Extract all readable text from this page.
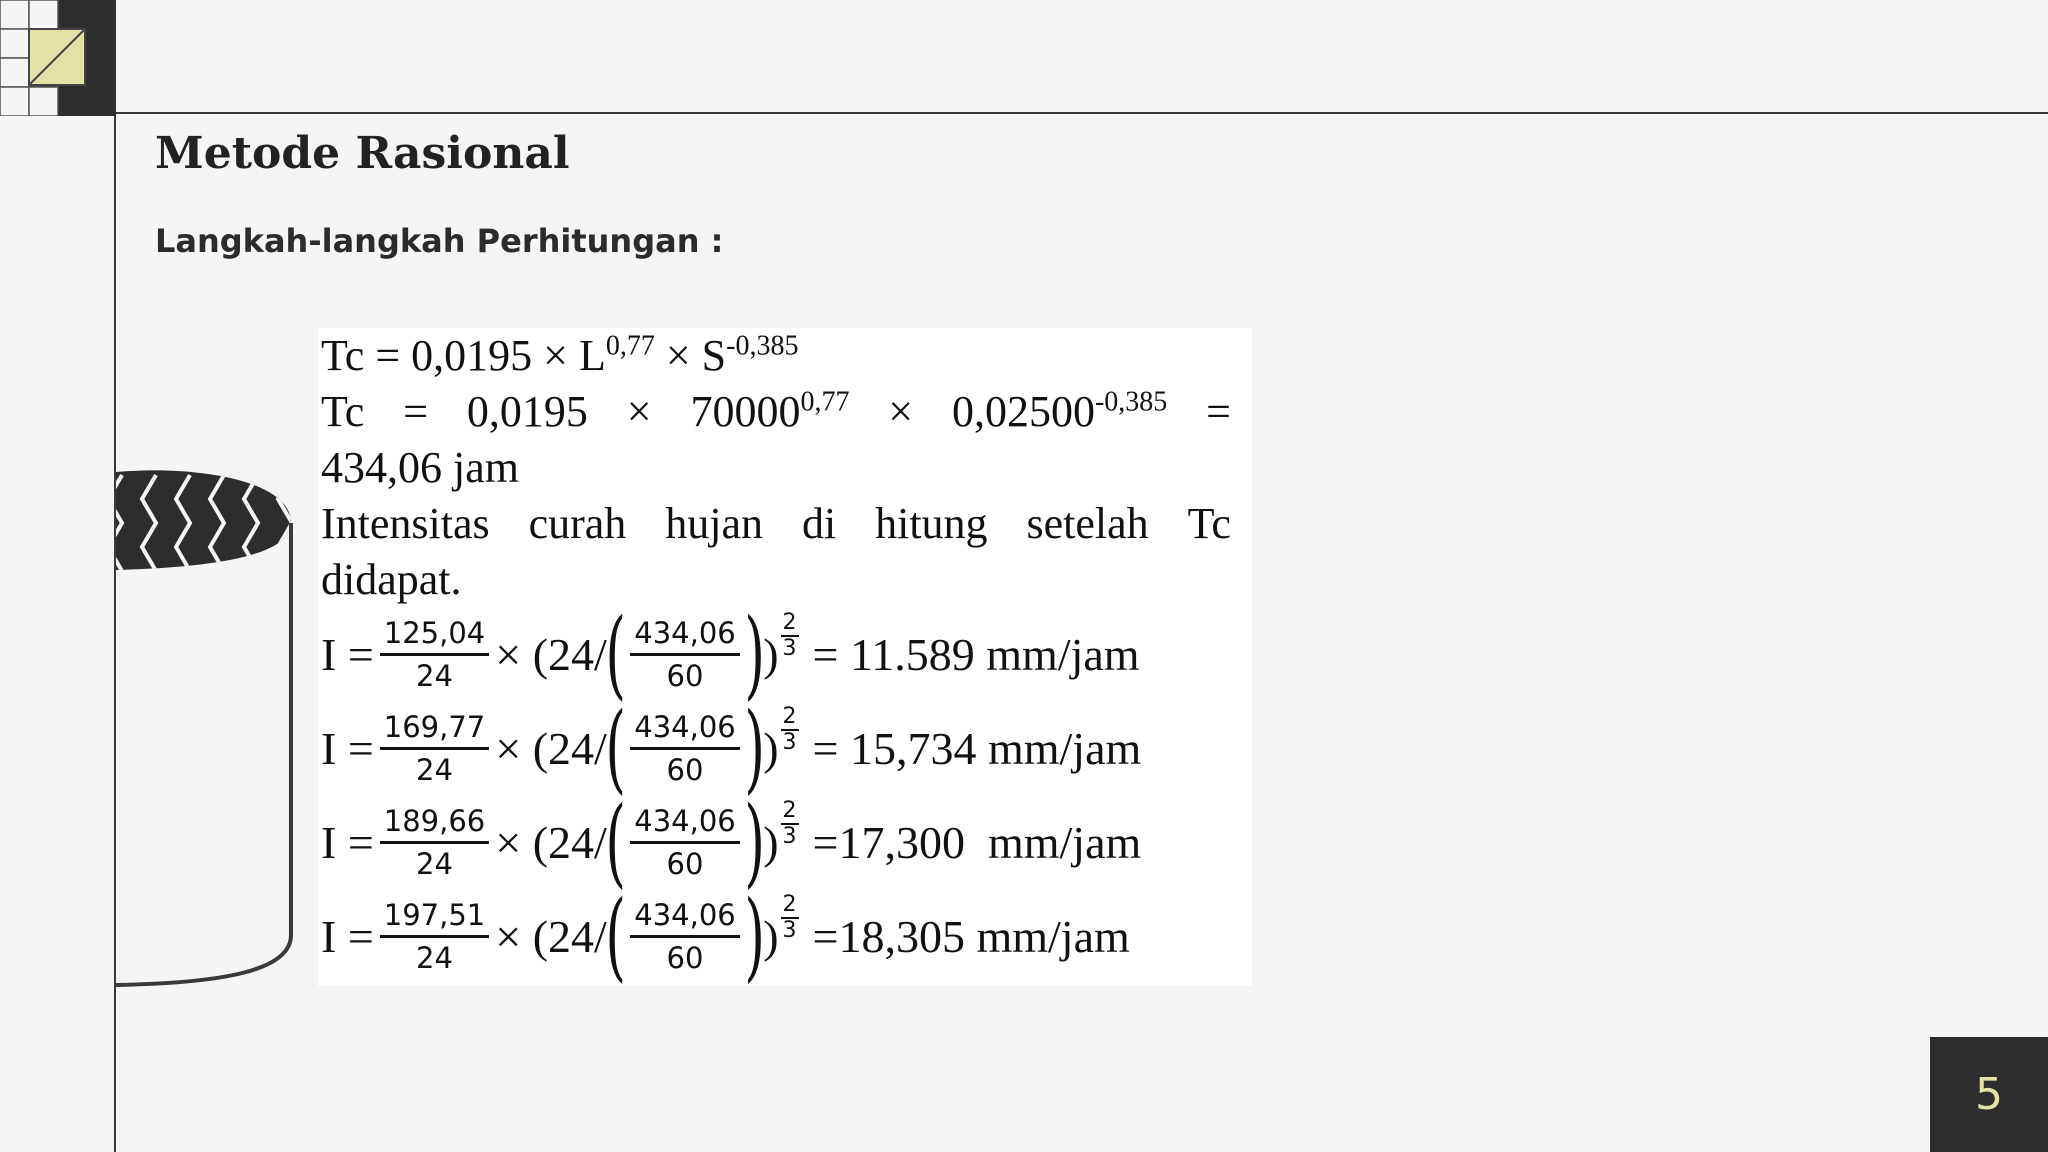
Metode Rasional
Langkah-langkah Perhitungan :
$Tc = 0,0195 \times L^{0,77} \times S^{-0,385}$
$Tc = 0,0195 \times 70000^{0,77} \times 0,02500^{-0,385}$ =
434,06 jam
Intensitas curah hujan di hitung setelah Tc
didapat.
$I = \frac{125,04}{24} \times (24/$
( $\frac{434,06}{60}$ )
) $\frac{2}{3} = 11.589$ mm/jam
$I = \frac{169,77}{24} \times (24/$
( $\frac{434,06}{60}$ )
) $\frac{2}{3} = 15,734$ mm/jam
$I = \frac{189,66}{24} \times (24/$
( $\frac{434,06}{60}$ )
) $\frac{2}{3} =17,300$  mm/jam
$I = \frac{197,51}{24} \times (24/$
( $\frac{434,06}{60}$ )
) $\frac{2}{3} =18,305$ mm/jam
5
